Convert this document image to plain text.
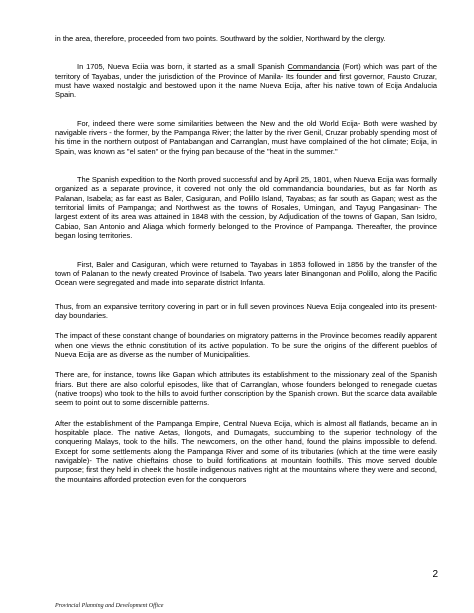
in the area, therefore, proceeded from two points. Southward by the soldier, Northward by the clergy.

In 1705, Nueva Eciia was born, it started as a small Spanish Commandancia (Fort) which was part of the territory of Tayabas, under the jurisdiction of the Province of Manila- Its founder and first governor, Fausto Cruzar, must have waxed nostalgic and bestowed upon it the name Nueva Ecija, after his native town of Ecija Andalucia Spain.

For, indeed there were some similarities between the New and the old World Ecija- Both were washed by navigable rivers - the former, by the Pampanga River; the latter by the river Genil, Cruzar probably spending most of his time in the northern outpost of Pantabangan and Carranglan, must have complained of the hot climate; Ecija, in Spain, was known as "el saten" or the frying pan because of the "heat in the summer."

The Spanish expedition to the North proved successful and by April 25, 1801, when Nueva Ecija was formally organized as a separate province, it covered not only the old commandancia boundaries, but as far North as Palanan, Isabela; as far east as Baler, Casiguran, and Polillo Island, Tayabas; as far south as Gapan; west as the territorial limits of Pampanga; and Northwest as the towns of Rosales, Umingan, and Tayug Pangasinan- The largest extent of its area was attained in 1848 with the cession, by Adjudication of the towns of Gapan, San Isidro, Cabiao, San Antonio and Aliaga which formerly belonged to the Province of Pampanga. Thereafter, the province began losing territories.

First, Baler and Casiguran, which were returned to Tayabas in 1853 followed in 1856 by the transfer of the town of Palanan to the newly created Province of Isabela. Two years later Binangonan and Polillo, along the Pacific Ocean were segregated and made into separate district Infanta.

Thus, from an expansive territory covering in part or in full seven provinces Nueva Ecija congealed into its present-day boundaries.

The impact of these constant change of boundaries on migratory patterns in the Province becomes readily apparent when one views the ethnic constitution of its active population. To be sure the origins of the different pueblos of Nueva Ecija are as diverse as the number of Municipalities.

There are, for instance, towns like Gapan which attributes its establishment to the missionary zeal of the Spanish friars. But there are also colorful episodes, like that of Carranglan, whose founders belonged to renegade cuetas (native troops) who took to the hills to avoid further conscription by the Spanish crown. But the scarce data available seem to point out to some discernible patterns.

After the establishment of the Pampanga Empire, Central Nueva Ecija, which is almost all flatlands, became an in hospitable place. The native Aetas, Ilongots, and Dumagats, succumbing to the superior technology of the conquering Malays, took to the hills. The newcomers, on the other hand, found the plains impossible to defend. Except for some settlements along the Pampanga River and some of its tributaries (which at the time were easily navigable)- The native chieftains chose to build fortifications at mountain foothills. This move served double purpose; first they held in cheek the hostile indigenous natives right at the mountains where they were and second, the mountains afforded protection even for the conquerors

2
Provincial Planning and Development Office
